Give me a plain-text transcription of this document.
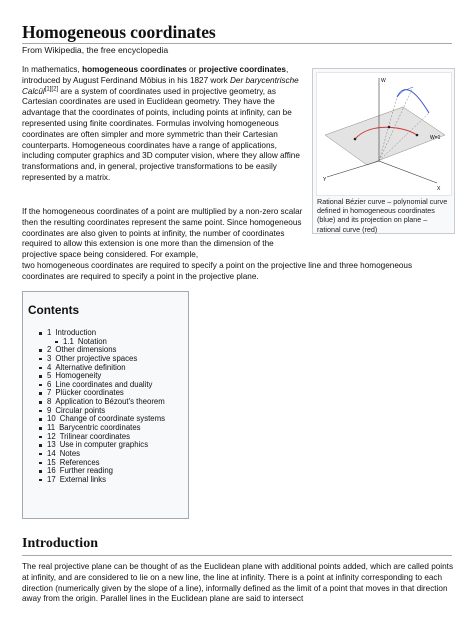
Homogeneous coordinates
From Wikipedia, the free encyclopedia
In mathematics, homogeneous coordinates or projective coordinates, introduced by August Ferdinand Möbius in his 1827 work Der barycentrische Calcül[1][2] are a system of coordinates used in projective geometry, as Cartesian coordinates are used in Euclidean geometry. They have the advantage that the coordinates of points, including points at infinity, can be represented using finite coordinates. Formulas involving homogeneous coordinates are often simpler and more symmetric than their Cartesian counterparts. Homogeneous coordinates have a range of applications, including computer graphics and 3D computer vision, where they allow affine transformations and, in general, projective transformations to be easily represented by a matrix.
W
W=1
X
Y
Rational Bézier curve – polynomial curve defined in homogeneous coordinates (blue) and its projection on plane – rational curve (red)
If the homogeneous coordinates of a point are multiplied by a non-zero scalar then the resulting coordinates represent the same point. Since homogeneous coordinates are also given to points at infinity, the number of coordinates required to allow this extension is one more than the dimension of the projective space being considered. For example,
two homogeneous coordinates are required to specify a point on the projective line and three homogeneous coordinates are required to specify a point in the projective plane.
Contents
1 Introduction
1.1 Notation
2 Other dimensions
3 Other projective spaces
4 Alternative definition
5 Homogeneity
6 Line coordinates and duality
7 Plücker coordinates
8 Application to Bézout's theorem
9 Circular points
10 Change of coordinate systems
11 Barycentric coordinates
12 Trilinear coordinates
13 Use in computer graphics
14 Notes
15 References
16 Further reading
17 External links
Introduction
The real projective plane can be thought of as the Euclidean plane with additional points added, which are called points at infinity, and are considered to lie on a new line, the line at infinity. There is a point at infinity corresponding to each direction (numerically given by the slope of a line), informally defined as the limit of a point that moves in that direction away from the origin. Parallel lines in the Euclidean plane are said to intersect
